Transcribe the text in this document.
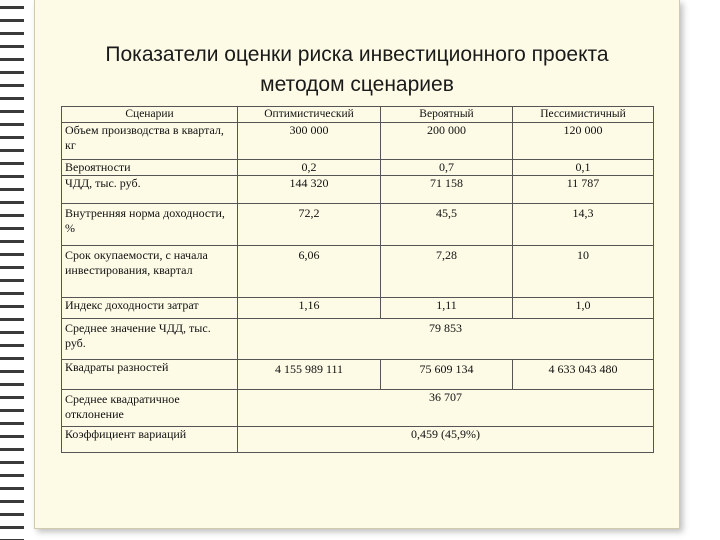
Показатели оценки риска инвестиционного проекта
методом сценариев
Сценарии	Оптимистический	Вероятный	Пессимистичный
Объем производства в квартал, кг	300 000	200 000	120 000
Вероятности	0,2	0,7	0,1
ЧДД, тыс. руб.	144 320	71 158	11 787
Внутренняя норма доходности, %	72,2	45,5	14,3
Срок окупаемости, с начала инвестирования, квартал	6,06	7,28	10
Индекс доходности затрат	1,16	1,11	1,0
Среднее значение ЧДД, тыс. руб.	79 853		
Квадраты разностей	4 155 989 111	75 609 134	4 633 043 480
Среднее квадратичное отклонение	36 707		
Коэффициент вариаций	0,459 (45,9%)		
